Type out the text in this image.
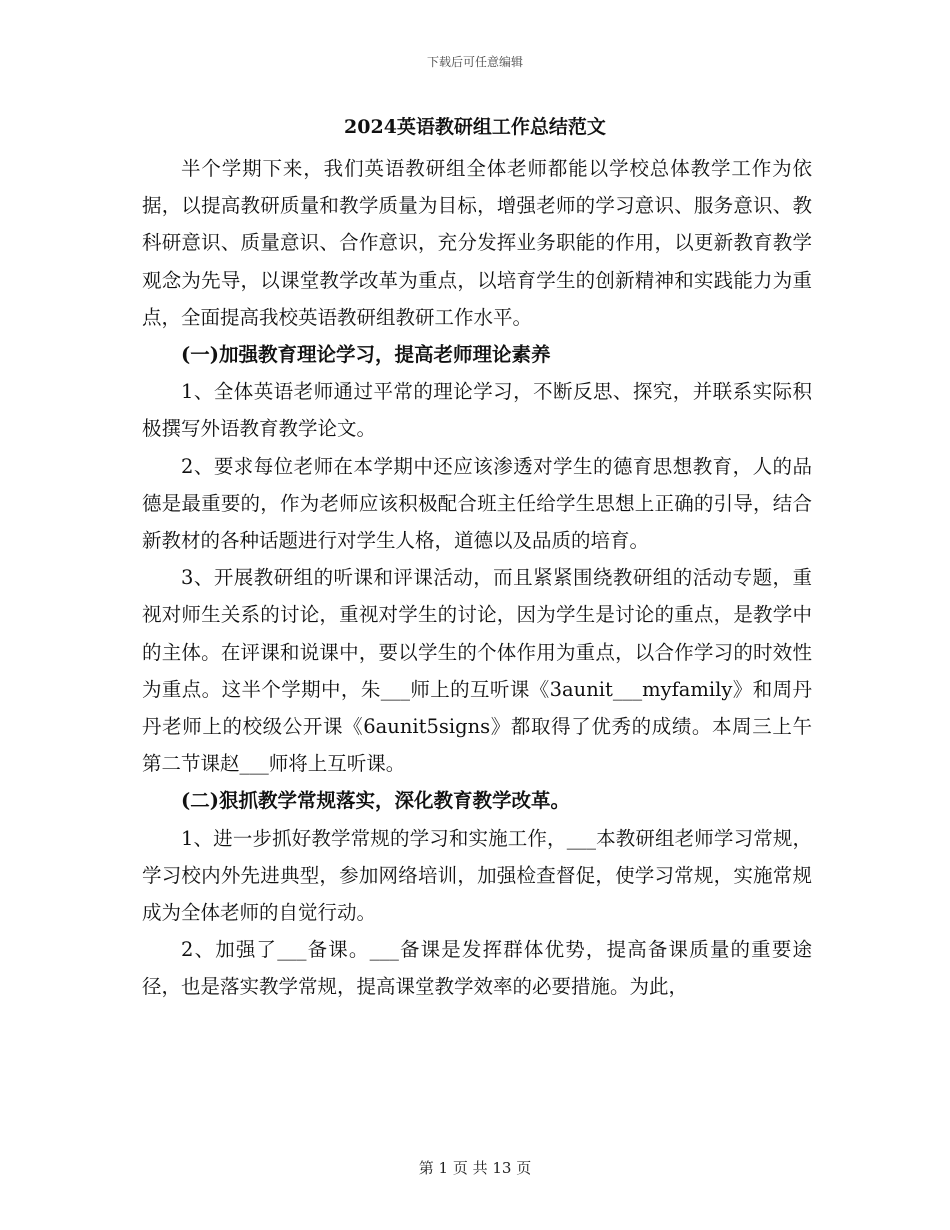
下载后可任意编辑
2024英语教研组工作总结范文

半个学期下来，我们英语教研组全体老师都能以学校总体教学工作为依据，以提高教研质量和教学质量为目标，增强老师的学习意识、服务意识、教科研意识、质量意识、合作意识，充分发挥业务职能的作用，以更新教育教学观念为先导，以课堂教学改革为重点，以培育学生的创新精神和实践能力为重点，全面提高我校英语教研组教研工作水平。

(一)加强教育理论学习，提高老师理论素养

1、全体英语老师通过平常的理论学习，不断反思、探究，并联系实际积极撰写外语教育教学论文。

2、要求每位老师在本学期中还应该渗透对学生的德育思想教育，人的品德是最重要的，作为老师应该积极配合班主任给学生思想上正确的引导，结合新教材的各种话题进行对学生人格，道德以及品质的培育。

3、开展教研组的听课和评课活动，而且紧紧围绕教研组的活动专题，重视对师生关系的讨论，重视对学生的讨论，因为学生是讨论的重点，是教学中的主体。在评课和说课中，要以学生的个体作用为重点，以合作学习的时效性为重点。这半个学期中，朱___师上的互听课《3aunit___myfamily》和周丹丹老师上的校级公开课《6aunit5signs》都取得了优秀的成绩。本周三上午第二节课赵___师将上互听课。

(二)狠抓教学常规落实，深化教育教学改革。

1、进一步抓好教学常规的学习和实施工作，___本教研组老师学习常规，学习校内外先进典型，参加网络培训，加强检查督促，使学习常规，实施常规成为全体老师的自觉行动。

2、加强了___备课。___备课是发挥群体优势，提高备课质量的重要途径，也是落实教学常规，提高课堂教学效率的必要措施。为此，

第 1 页 共 13 页
